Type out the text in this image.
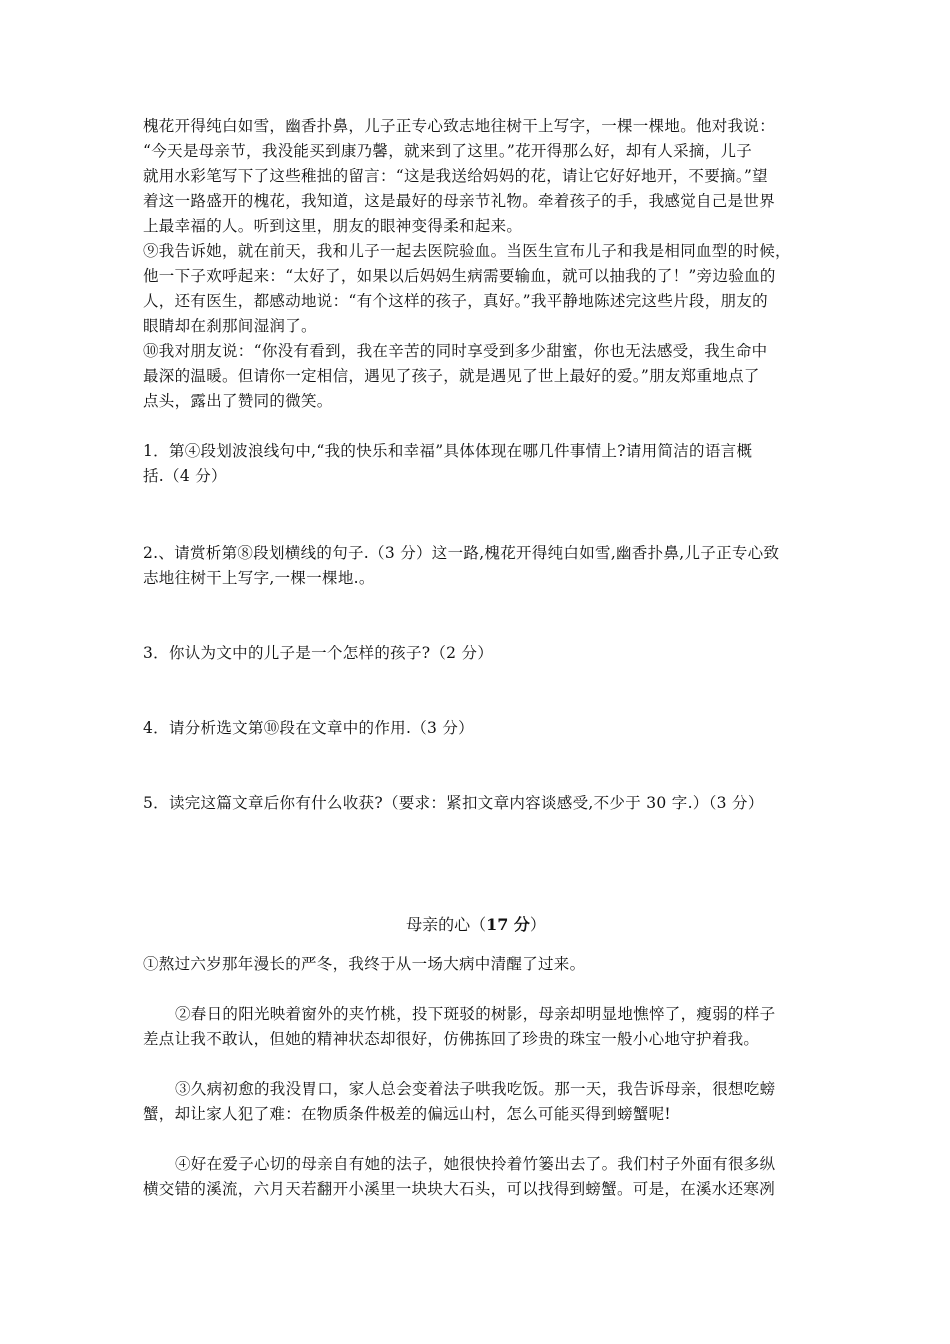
槐花开得纯白如雪，幽香扑鼻，儿子正专心致志地往树干上写字，一棵一棵地。他对我说：
“今天是母亲节，我没能买到康乃馨，就来到了这里。”花开得那么好，却有人采摘，儿子
就用水彩笔写下了这些稚拙的留言：“这是我送给妈妈的花，请让它好好地开，不要摘。”望
着这一路盛开的槐花，我知道，这是最好的母亲节礼物。牵着孩子的手，我感觉自己是世界
上最幸福的人。听到这里，朋友的眼神变得柔和起来。
⑨我告诉她，就在前天，我和儿子一起去医院验血。当医生宣布儿子和我是相同血型的时候，
他一下子欢呼起来：“太好了，如果以后妈妈生病需要输血，就可以抽我的了！”旁边验血的
人，还有医生，都感动地说：“有个这样的孩子，真好。”我平静地陈述完这些片段，朋友的
眼睛却在刹那间湿润了。
⑩我对朋友说：“你没有看到，我在辛苦的同时享受到多少甜蜜，你也无法感受，我生命中
最深的温暖。但请你一定相信，遇见了孩子，就是遇见了世上最好的爱。”朋友郑重地点了
点头，露出了赞同的微笑。
1．第④段划波浪线句中,“我的快乐和幸福”具体体现在哪几件事情上?请用简洁的语言概
括.（4 分）
2.、请赏析第⑧段划横线的句子.（3 分）这一路,槐花开得纯白如雪,幽香扑鼻,儿子正专心致
志地往树干上写字,一棵一棵地.。
3．你认为文中的儿子是一个怎样的孩子?（2 分）
4．请分析选文第⑩段在文章中的作用.（3 分）
5．读完这篇文章后你有什么收获?（要求：紧扣文章内容谈感受,不少于 30 字.）（3 分）
母亲的心（17 分）
①熬过六岁那年漫长的严冬，我终于从一场大病中清醒了过来。
②春日的阳光映着窗外的夹竹桃，投下斑驳的树影，母亲却明显地憔悴了，瘦弱的样子
差点让我不敢认，但她的精神状态却很好，仿佛拣回了珍贵的珠宝一般小心地守护着我。
③久病初愈的我没胃口，家人总会变着法子哄我吃饭。那一天，我告诉母亲，很想吃螃
蟹，却让家人犯了难：在物质条件极差的偏远山村，怎么可能买得到螃蟹呢!
④好在爱子心切的母亲自有她的法子，她很快拎着竹篓出去了。我们村子外面有很多纵
横交错的溪流，六月天若翻开小溪里一块块大石头，可以找得到螃蟹。可是，在溪水还寒冽
